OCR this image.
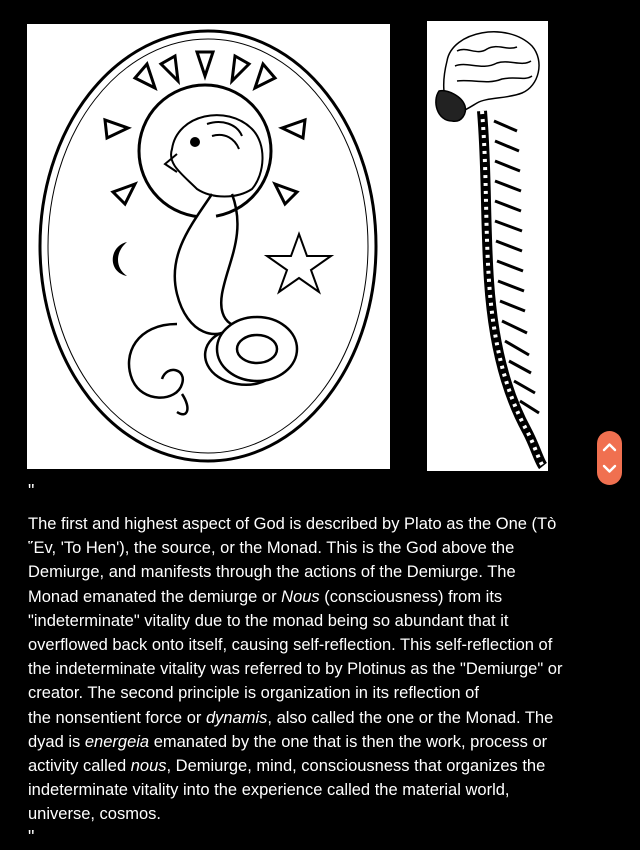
"
The first and highest aspect of God is described by Plato as the One (Tò
῞Εv, 'To Hen'), the source, or the Monad. This is the God above the
Demiurge, and manifests through the actions of the Demiurge. The
Monad emanated the demiurge or Nous (consciousness) from its
"indeterminate" vitality due to the monad being so abundant that it
overflowed back onto itself, causing self-reflection. This self-reflection of
the indeterminate vitality was referred to by Plotinus as the "Demiurge" or
creator. The second principle is organization in its reflection of
the nonsentient force or dynamis, also called the one or the Monad. The
dyad is energeia emanated by the one that is then the work, process or
activity called nous, Demiurge, mind, consciousness that organizes the
indeterminate vitality into the experience called the material world,
universe, cosmos.
"
